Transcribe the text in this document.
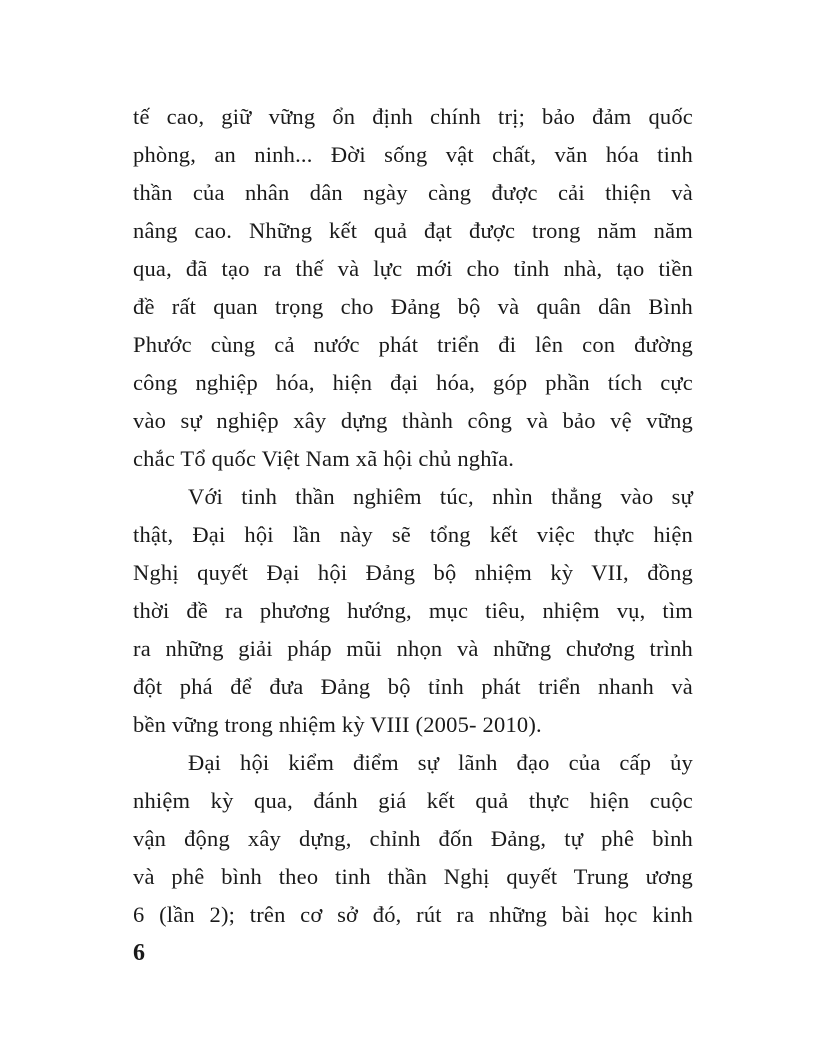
tế cao, giữ vững ổn định chính trị; bảo đảm quốc
phòng, an ninh... Đời sống vật chất, văn hóa tinh
thần của nhân dân ngày càng được cải thiện và
nâng cao. Những kết quả đạt được trong năm năm
qua, đã tạo ra thế và lực mới cho tỉnh nhà, tạo tiền
đề rất quan trọng cho Đảng bộ và quân dân Bình
Phước cùng cả nước phát triển đi lên con đường
công nghiệp hóa, hiện đại hóa, góp phần tích cực
vào sự nghiệp xây dựng thành công và bảo vệ vững
chắc Tổ quốc Việt Nam xã hội chủ nghĩa.
Với tinh thần nghiêm túc, nhìn thẳng vào sự
thật, Đại hội lần này sẽ tổng kết việc thực hiện
Nghị quyết Đại hội Đảng bộ nhiệm kỳ VII, đồng
thời đề ra phương hướng, mục tiêu, nhiệm vụ, tìm
ra những giải pháp mũi nhọn và những chương trình
đột phá để đưa Đảng bộ tỉnh phát triển nhanh và
bền vững trong nhiệm kỳ VIII (2005- 2010).
Đại hội kiểm điểm sự lãnh đạo của cấp ủy
nhiệm kỳ qua, đánh giá kết quả thực hiện cuộc
vận động xây dựng, chỉnh đốn Đảng, tự phê bình
và phê bình theo tinh thần Nghị quyết Trung ương
6 (lần 2); trên cơ sở đó, rút ra những bài học kinh
6
